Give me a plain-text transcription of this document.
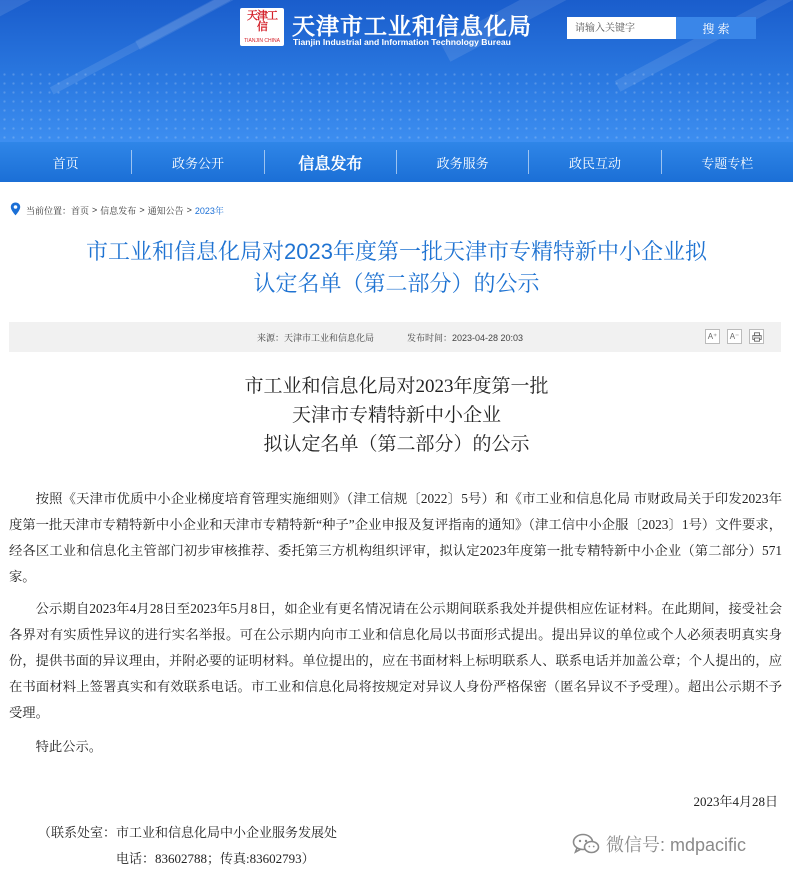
天津工信
TIANJIN CHINA
天津市工业和信息化局
Tianjin Industrial and Information Technology Bureau
请输入关键字
搜 索
首页	政务公开	信息发布	政务服务	政民互动	专题专栏
当前位置： 首页 > 信息发布 > 通知公告 > 2023年
市工业和信息化局对2023年度第一批天津市专精特新中小企业拟
认定名单（第二部分）的公示
来源：天津市工业和信息化局	发布时间：2023-04-28 20:03	A⁺ A⁻
市工业和信息化局对2023年度第一批
天津市专精特新中小企业
拟认定名单（第二部分）的公示

按照《天津市优质中小企业梯度培育管理实施细则》（津工信规〔2022〕5号）和《市工业和信息化局 市财政局关于印发2023年度第一批天津市专精特新中小企业和天津市专精特新“种子”企业申报及复评指南的通知》（津工信中小企服〔2023〕1号）文件要求，经各区工业和信息化主管部门初步审核推荐、委托第三方机构组织评审，拟认定2023年度第一批专精特新中小企业（第二部分）571家。

公示期自2023年4月28日至2023年5月8日，如企业有更名情况请在公示期间联系我处并提供相应佐证材料。在此期间，接受社会各界对有实质性异议的进行实名举报。可在公示期内向市工业和信息化局以书面形式提出。提出异议的单位或个人必须表明真实身份，提供书面的异议理由，并附必要的证明材料。单位提出的，应在书面材料上标明联系人、联系电话并加盖公章；个人提出的，应在书面材料上签署真实和有效联系电话。市工业和信息化局将按规定对异议人身份严格保密（匿名异议不予受理）。超出公示期不予受理。

特此公示。

2023年4月28日
（联系处室：市工业和信息化局中小企业服务发展处
电话：83602788；传真:83602793）
微信号: mdpacific
